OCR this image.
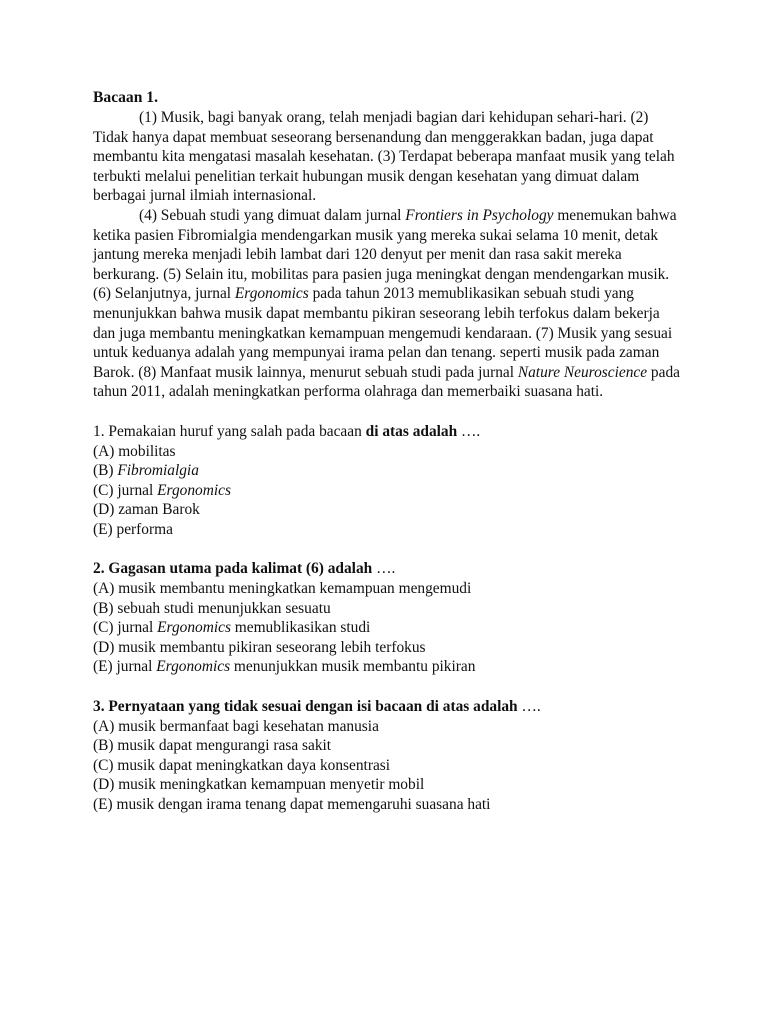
Bacaan 1.

(1) Musik, bagi banyak orang, telah menjadi bagian dari kehidupan sehari-hari. (2) Tidak hanya dapat membuat seseorang bersenandung dan menggerakkan badan, juga dapat membantu kita mengatasi masalah kesehatan. (3) Terdapat beberapa manfaat musik yang telah terbukti melalui penelitian terkait hubungan musik dengan kesehatan yang dimuat dalam berbagai jurnal ilmiah internasional.

(4) Sebuah studi yang dimuat dalam jurnal Frontiers in Psychology menemukan bahwa ketika pasien Fibromialgia mendengarkan musik yang mereka sukai selama 10 menit, detak jantung mereka menjadi lebih lambat dari 120 denyut per menit dan rasa sakit mereka berkurang. (5) Selain itu, mobilitas para pasien juga meningkat dengan mendengarkan musik. (6) Selanjutnya, jurnal Ergonomics pada tahun 2013 memublikasikan sebuah studi yang menunjukkan bahwa musik dapat membantu pikiran seseorang lebih terfokus dalam bekerja dan juga membantu meningkatkan kemampuan mengemudi kendaraan. (7) Musik yang sesuai untuk keduanya adalah yang mempunyai irama pelan dan tenang. seperti musik pada zaman Barok. (8) Manfaat musik lainnya, menurut sebuah studi pada jurnal Nature Neuroscience pada tahun 2011, adalah meningkatkan performa olahraga dan memerbaiki suasana hati.

1. Pemakaian huruf yang salah pada bacaan di atas adalah ….

(A) mobilitas

(B) Fibromialgia

(C) jurnal Ergonomics

(D) zaman Barok

(E) performa

2. Gagasan utama pada kalimat (6) adalah ….

(A) musik membantu meningkatkan kemampuan mengemudi

(B) sebuah studi menunjukkan sesuatu

(C) jurnal Ergonomics memublikasikan studi

(D) musik membantu pikiran seseorang lebih terfokus

(E) jurnal Ergonomics menunjukkan musik membantu pikiran

3. Pernyataan yang tidak sesuai dengan isi bacaan di atas adalah ….

(A) musik bermanfaat bagi kesehatan manusia

(B) musik dapat mengurangi rasa sakit

(C) musik dapat meningkatkan daya konsentrasi

(D) musik meningkatkan kemampuan menyetir mobil

(E) musik dengan irama tenang dapat memengaruhi suasana hati
